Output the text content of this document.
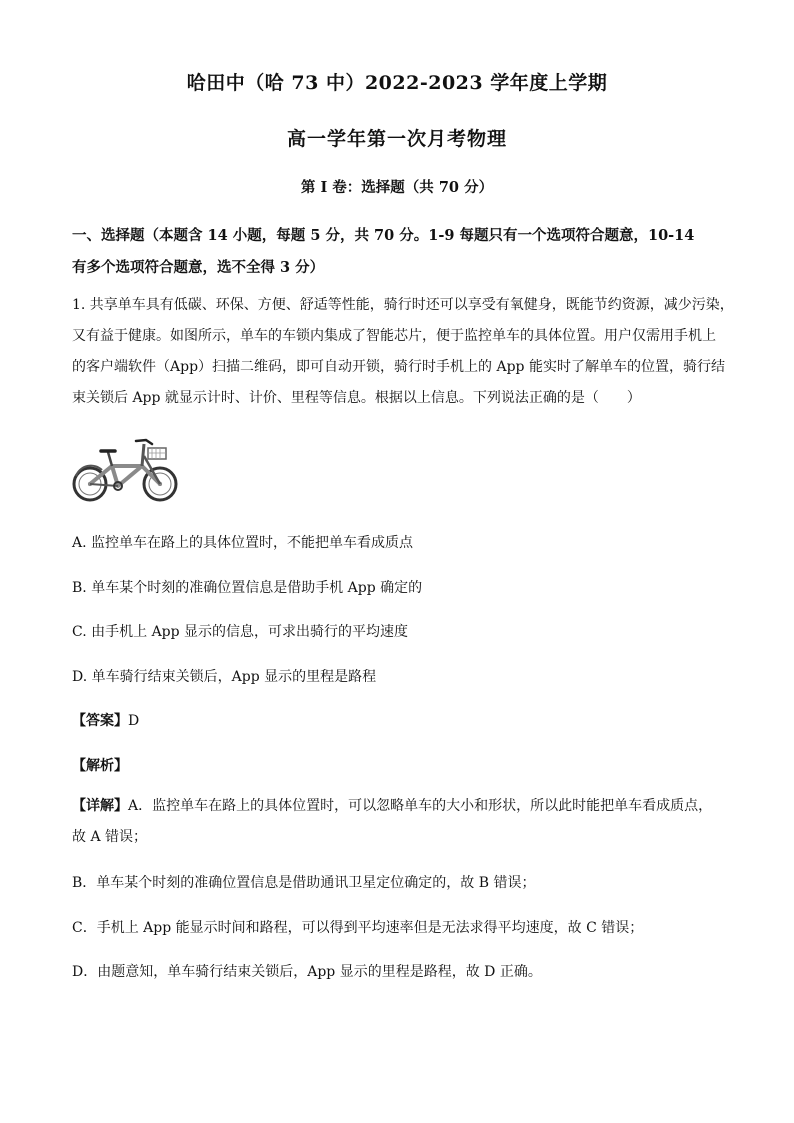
哈田中（哈 73 中）2022-2023 学年度上学期
高一学年第一次月考物理
第 I 卷：选择题（共 70 分）
一、选择题（本题含 14 小题，每题 5 分，共 70 分。1-9 每题只有一个选项符合题意，10-14
有多个选项符合题意，选不全得 3 分）
1. 共享单车具有低碳、环保、方便、舒适等性能，骑行时还可以享受有氧健身，既能节约资源，减少污染，
又有益于健康。如图所示，单车的车锁内集成了智能芯片，便于监控单车的具体位置。用户仅需用手机上
的客户端软件（App）扫描二维码，即可自动开锁，骑行时手机上的 App 能实时了解单车的位置，骑行结
束关锁后 App 就显示计时、计价、里程等信息。根据以上信息。下列说法正确的是（　　）
A. 监控单车在路上的具体位置时，不能把单车看成质点
B. 单车某个时刻的准确位置信息是借助手机 App 确定的
C. 由手机上 App 显示的信息，可求出骑行的平均速度
D. 单车骑行结束关锁后，App 显示的里程是路程
【答案】D
【解析】
【详解】A．监控单车在路上的具体位置时，可以忽略单车的大小和形状，所以此时能把单车看成质点，
故 A 错误；
B．单车某个时刻的准确位置信息是借助通讯卫星定位确定的，故 B 错误；
C．手机上 App 能显示时间和路程，可以得到平均速率但是无法求得平均速度，故 C 错误；
D．由题意知，单车骑行结束关锁后，App 显示的里程是路程，故 D 正确。
